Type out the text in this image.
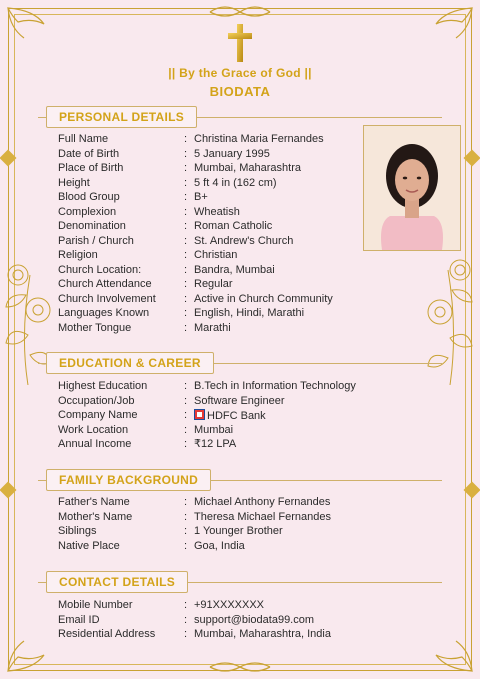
|| By the Grace of God ||
BIODATA
PERSONAL DETAILS
Full Name	: Christina Maria Fernandes
Date of Birth	: 5 January 1995
Place of Birth	: Mumbai, Maharashtra
Height	: 5 ft 4 in (162 cm)
Blood Group	: B+
Complexion	: Wheatish
Denomination	: Roman Catholic
Parish / Church	: St. Andrew's Church
Religion	: Christian
Church Location:	: Bandra, Mumbai
Church Attendance	: Regular
Church Involvement	: Active in Church Community
Languages Known	: English, Hindi, Marathi
Mother Tongue	: Marathi
EDUCATION & CAREER
Highest Education	: B.Tech in Information Technology
Occupation/Job	: Software Engineer
Company Name	:	HDFC Bank
Work Location	: Mumbai
Annual Income	: ₹12 LPA
FAMILY BACKGROUND
Father's Name	: Michael Anthony Fernandes
Mother's Name	: Theresa Michael Fernandes
Siblings	: 1 Younger Brother
Native Place	: Goa, India
CONTACT DETAILS
Mobile Number	: +91XXXXXXX
Email ID	: support@biodata99.com
Residential Address	: Mumbai, Maharashtra, India
